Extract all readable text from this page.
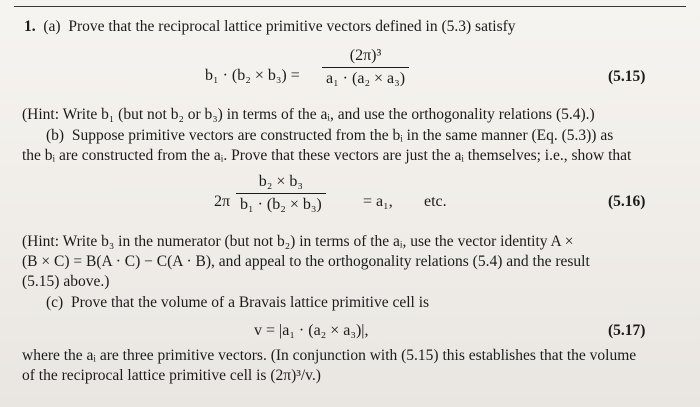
1. (a) Prove that the reciprocal lattice primitive vectors defined in (5.3) satisfy
$b_1 \cdot (b_2 \times b_3) = \frac{\text{(2π)³}}{\text{a₁ · (a₂ × a₃)}}$	(5.15)
(Hint: Write b₁ (but not b₂ or b₃) in terms of the aᵢ, and use the orthogonality relations (5.4).)
(b) Suppose primitive vectors are constructed from the bᵢ in the same manner (Eq. (5.3)) as
the bᵢ are constructed from the aᵢ. Prove that these vectors are just the aᵢ themselves; i.e., show that
$2\pi \frac{\text{b₂ × b₃}}{\text{b₁ · (b₂ × b₃)}} = a_1$, etc.	(5.16)
(Hint: Write b₃ in the numerator (but not b₂) in terms of the aᵢ, use the vector identity A ×
(B × C) = B(A · C) − C(A · B), and appeal to the orthogonality relations (5.4) and the result
(5.15) above.)
(c) Prove that the volume of a Bravais lattice primitive cell is
v = |a₁ · (a₂ × a₃)|,	(5.17)
where the aᵢ are three primitive vectors. (In conjunction with (5.15) this establishes that the volume
of the reciprocal lattice primitive cell is (2π)³/v.)
